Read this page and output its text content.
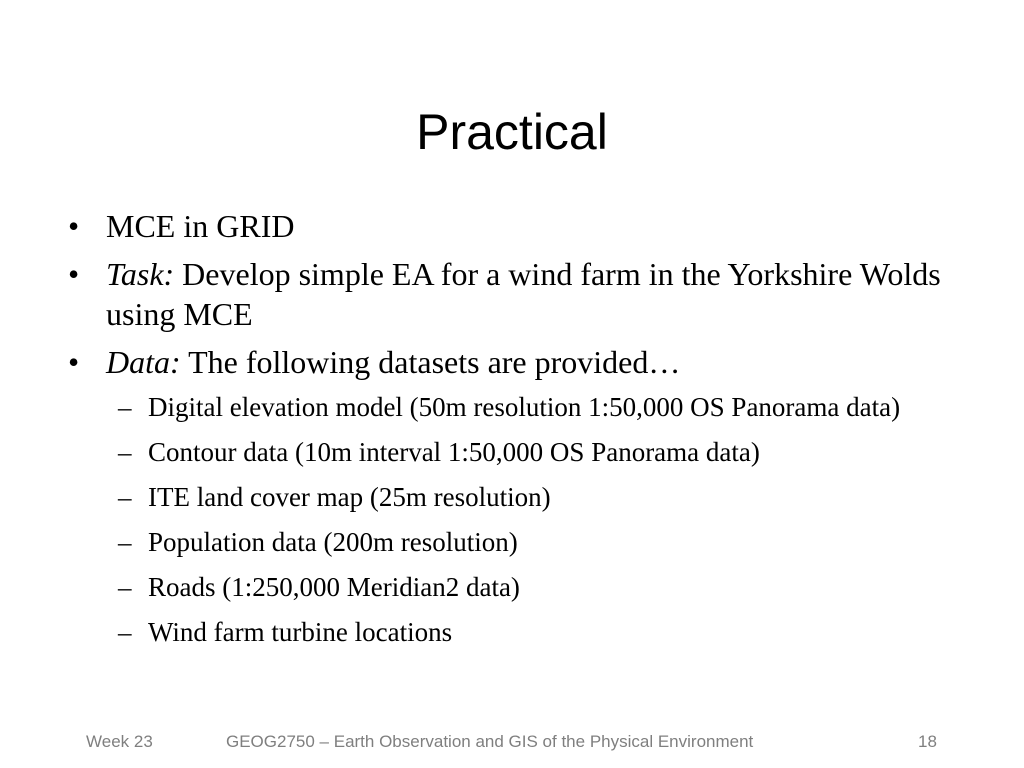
Practical
• MCE in GRID
• Task: Develop simple EA for a wind farm in the Yorkshire Wolds using MCE
• Data: The following datasets are provided…
– Digital elevation model (50m resolution 1:50,000 OS Panorama data)
– Contour data (10m interval 1:50,000 OS Panorama data)
– ITE land cover map (25m resolution)
– Population data (200m resolution)
– Roads (1:250,000 Meridian2 data)
– Wind farm turbine locations
Week 23	GEOG2750 – Earth Observation and GIS of the Physical Environment	18
